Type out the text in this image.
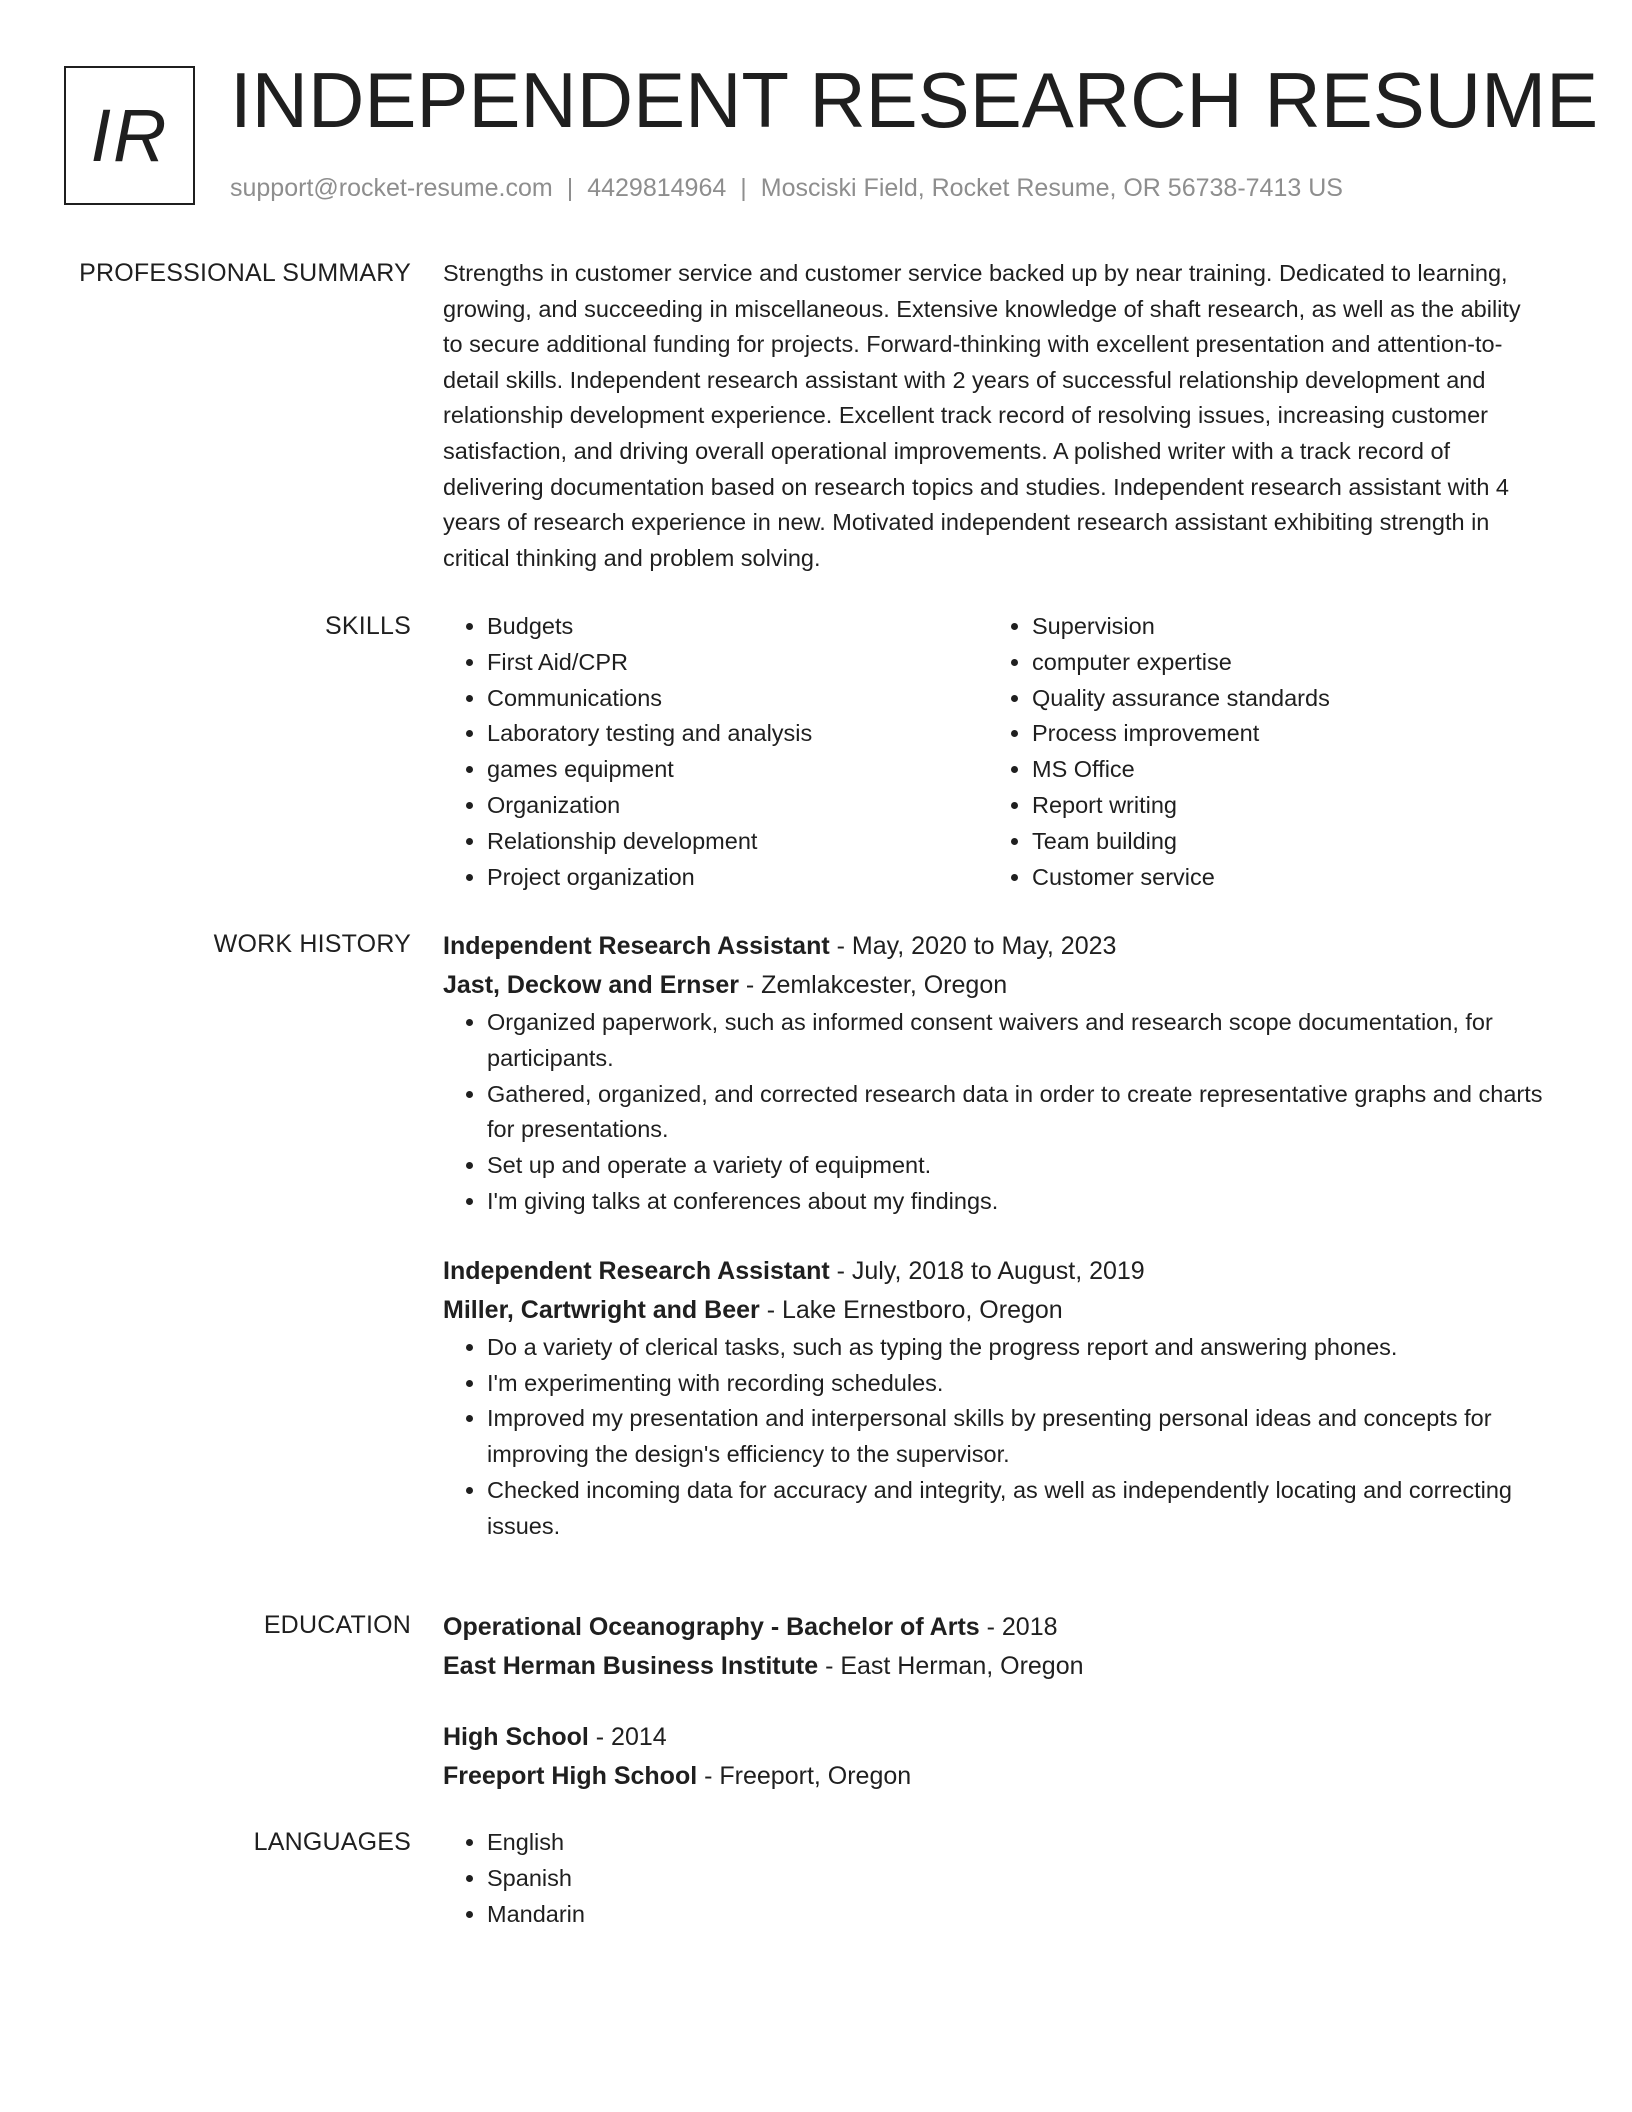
IR INDEPENDENT RESEARCH RESUME
support@rocket-resume.com | 4429814964 | Mosciski Field, Rocket Resume, OR 56738-7413 US
PROFESSIONAL SUMMARY Strengths in customer service and customer service backed up by near training. Dedicated to learning, growing, and succeeding in miscellaneous. Extensive knowledge of shaft research, as well as the ability to secure additional funding for projects. Forward-thinking with excellent presentation and attention-to-detail skills. Independent research assistant with 2 years of successful relationship development and relationship development experience. Excellent track record of resolving issues, increasing customer satisfaction, and driving overall operational improvements. A polished writer with a track record of delivering documentation based on research topics and studies. Independent research assistant with 4 years of research experience in new. Motivated independent research assistant exhibiting strength in critical thinking and problem solving.

SKILLS	• Budgets
• First Aid/CPR
• Communications
• Laboratory testing and analysis
• games equipment
• Organization
• Relationship development
• Project organization
• Supervision
• computer expertise
• Quality assurance standards
• Process improvement
• MS Office
• Report writing
• Team building
• Customer service
WORK HISTORY Independent Research Assistant - May, 2020 to May, 2023
Jast, Deckow and Ernser - Zemlakcester, Oregon
• Organized paperwork, such as informed consent waivers and research scope documentation, for participants.
• Gathered, organized, and corrected research data in order to create representative graphs and charts for presentations.
• Set up and operate a variety of equipment.
• I'm giving talks at conferences about my findings.
Independent Research Assistant - July, 2018 to August, 2019
Miller, Cartwright and Beer - Lake Ernestboro, Oregon
• Do a variety of clerical tasks, such as typing the progress report and answering phones.
• I'm experimenting with recording schedules.
• Improved my presentation and interpersonal skills by presenting personal ideas and concepts for improving the design's efficiency to the supervisor.
• Checked incoming data for accuracy and integrity, as well as independently locating and correcting issues.
EDUCATION Operational Oceanography - Bachelor of Arts - 2018
East Herman Business Institute - East Herman, Oregon
High School - 2014
Freeport High School - Freeport, Oregon
LANGUAGES	• English
• Spanish
• Mandarin
